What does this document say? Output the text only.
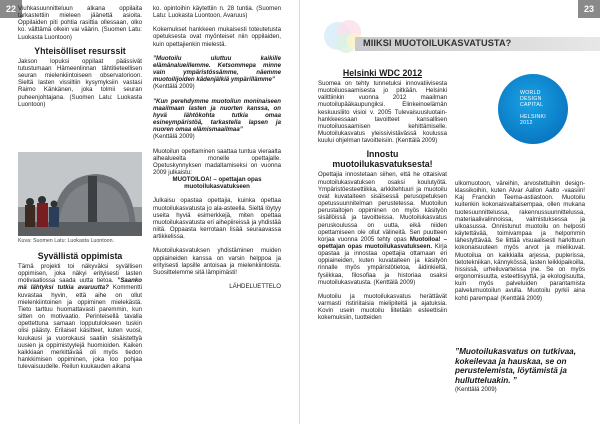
22 Viuhkasuunnitteluun alkana oppilaita tarkastettiin mieleen jäänettä asioita. Oppilaiden piti pohtia rasittia ollessaan, olko ko. välttämä olkein vai väärin. (Suomen Latu: Luokasta Luontoon)

Yhteisölliset resurssit

Jakson lopuksi oppilaat päässivät tutustumaan Hämeenlinnan tähtitieteellisen seuran mielenkiintoiseen observatorioon. Sieltä lasten vissiltiin kysymyksiin vastasi Raimo Känkänen, joka tolmii seuran puheenjohtajana. (Suomen Latu: Luokasta Luontoon)

Kuva: Suomen Latu: Luokasta Luontoon.

Syvällistä oppimista

Tämä projekti toi näkyväksi syvällisen oppimisen, joka näkyi erityisesti lasten motivaatiossa saada uutta tietoa. ”Saanko mä lähtyksi tutkia avaruutta? Kommentti kuvastaa hyvin, että aihe on ollut mielenkiintoinen ja oppiminen mielekästä. Tieto tarttuu huomattavasti paremmin, kun sitten on motivaatio. Perinteisellä tavalla opettettuna samaan lopputulokseen tuskin olisi päästy. Erilaiset käsitteet, kuten vuosi, kuukausi ja vuorokausi saatiin sisäistettyä uusien ja oppimistyylejä huomioiden. Kaiken kaikkiaan merkittävää oli myös tiedon hankkimisen oppiminen, joka loo pohjaa tulevaisuudelle. Reilun kuukauden aikana

ko. opintoihin käytettiin n. 28 tuntia. (Suomen Latu: Luokasta Luontoon, Avaruus)

Kokemukset hankkeen mukaisesti toteutetusta opetuksesta ovat myönteiset niin oppilaiden, kuin opettajienkin mielestä.

”Muotoilu uluttuu kaikille elämänalueillemme. Ketsommepa minne vain ympäristössämme, näemme muotoilijoiden kädenjälkiä ympärillämme”

(Kenttälä 2009)

”Kun perehdymme muotoilun moninaiseen maailmaan lasten ja nuorten kanssa, on hyvä lähtökohta tutkia omaa esineympäristöä, tarkastella lapsen ja nuoren omaa elämismaailmaa”

(Kenttälä 2009)

Muotoilun opettaminen saattaa tuntua vieraalta alhealueelta monelle opettajalle. Opetuskynnyksen madaltamiseksi on vuonna 2009 julkaistu:

MUOTOILOA! – opettajan opas muotoilukasvatukseen

Julkaisu opastaa opettajia, kuinka opettaa muotoilukasvatusta jo ala-asteella. Sieltä löytyy useita hyviä esimerkkejä, miten opettaa muotoilukasvatusta eri aihepiireissä ja yhdistää niitä. Oppaasta kerrotaan lisää seuraavassa artikkelissa.

Muotoilukasvatuksen yhdistäminen muiden oppiaineiden kanssa on varsin helppoa ja erityisesti lapsille antoisaa ja mielenkiintoista. Suosittelemme sitä lämpimästi!

LÄHDELUETTELO

23
MIIKSI MUOTOILUKASVATUSTA?
WORLD
DESIGN
CAPITAL
HELSINKI
2012
Helsinki WDC 2012

Suomea on tehty tunnetuksi innovatiivisesta muotoiluosaamisesta jo pitkään. Helsinki valittiinkin vuonna 2012 maailman muotoilupääkaupungiksi. Elinkeinoelämän keskuusliito visioi v. 2005 Tulevaisuusluotain- hankkeessaan tavoitteet kansallisen muotoiluosaamisen kehittämiselle. Muotoilukasvatus yleissivistävässä koulussa kuului ohjelman tavoitteisiin. (Kenttälä 2009)

Innostu muotoilukasvatuksesta!

Opettajia innostetaan siihen, että he ottaisivat muotoilukasvatuksen osaksi koulutyötä. Ympäristöesteettiikka, arkkitehtuuri ja muotoilu ovat kuvataiteen sisäisessä perusopetuksen opetussuunnitelman perustetessa. Muotoilun perustaitojen oppiminen on myös käsityön sisällöissä ja tavoitteissa. Muotoilukasvatus peruskoulussa on uutta, eikä niiden opettamiseen ole ollut välineitä. Sen puutteen korjaa vuonna 2005 tehty opas Muotoiloa! – opettajan opas muotoilukasvatukseen. Kirja opastaa ja innostaa opettajia ottamaan eri oppiaineiden, kuten kuvataiteen ja käsityön rinnalle myös ympäristötietoa, äidinkieltä, fysiikkaa, filosofiaa ja historiaa osaksi muotoilukasvatusta. (Kenttälä 2009)

Muotoilu ja muotoilukasvatus herättävät varmasti ristiriitaisia mielipiteitä ja ajatuksia. Kovin usein muotoilu liitetään esteettisiin kokemuksiin, tuotteiden

ulkomuotoon, väreihin, arvostettuihin design- klassikoihin, kuten Alvar Aallon Aalto -vaasiin! Kaj Franckin Teema-astiastoon. Muotoilu kuitenkin kokonaisvaltaisempaa, ollen mukana tuotesuunnittelussa, rakennussuunnittelussa, materiaalivalinnoissa, valmistuksessa ja ulkoasussa. Onnistunut muotoilu on helposti käytettävää, toimivampaa ja helpommin lähestyttävää. Se liittää visuaalisesti harkittuun kokonaisuuteen myös arvot ja mielikuvat. Muotoilua on kaikkialla arjessa, puplerissa, tietotekniikan, kännykössä, lasten leikkipaikoilla, hississä, urheiluvarteissa jne. Se on myös ergonomisuutta, esteettisyyttä, ja ekologisuutta, kuin myös palveluiden parantamista palvelumuotoilun avulla. Muotoilu pyrkii aina kohti parempaa! (Kenttälä 2009)

”Muotoilukasvatus on tutkivaa, kokeilevaa ja hauskaa, se on perustelemista, löytämistä ja hullutteluakin. ”

(Kenttälä 2009)
